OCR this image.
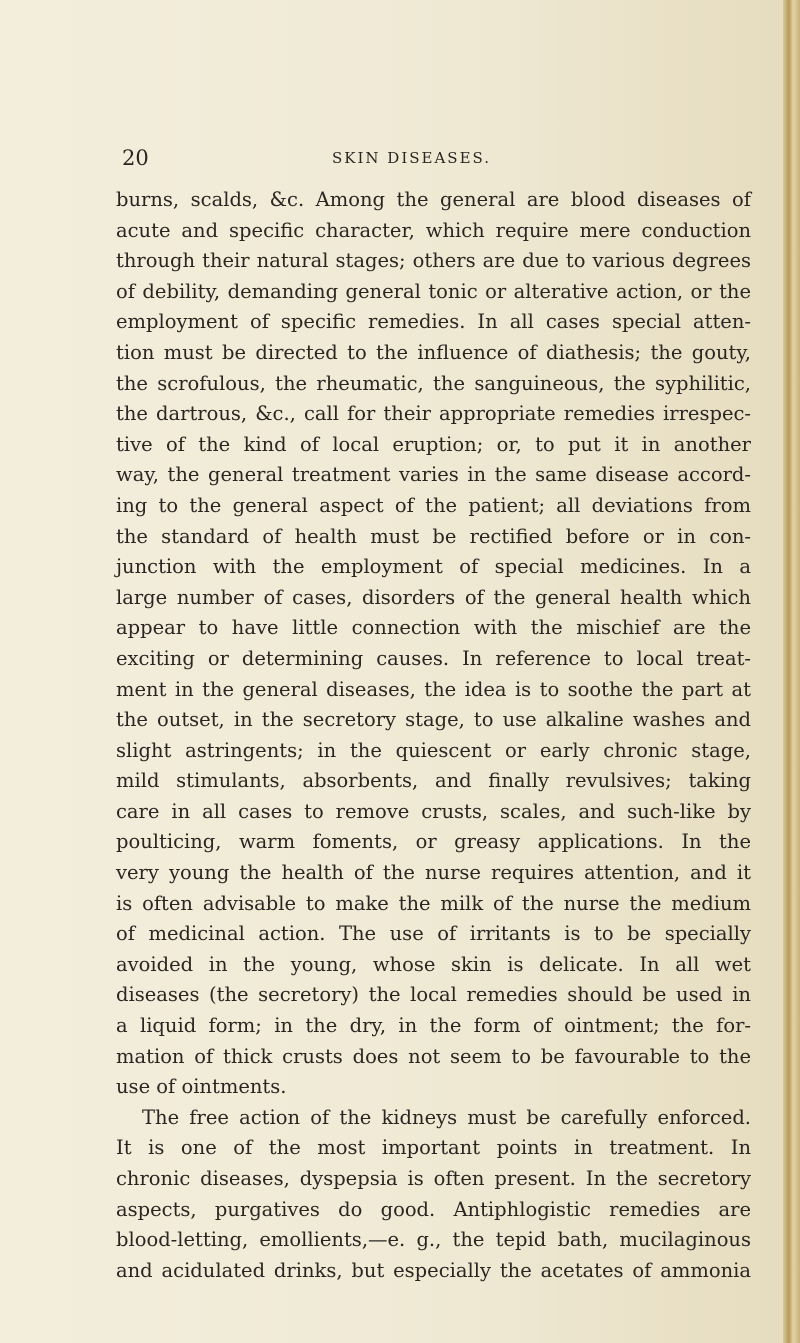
20	SKIN DISEASES.
burns, scalds, &c. Among the general are blood diseases of
acute and specific character, which require mere conduction
through their natural stages; others are due to various degrees
of debility, demanding general tonic or alterative action, or the
employment of specific remedies. In all cases special atten-
tion must be directed to the influence of diathesis; the gouty,
the scrofulous, the rheumatic, the sanguineous, the syphilitic,
the dartrous, &c., call for their appropriate remedies irrespec-
tive of the kind of local eruption; or, to put it in another
way, the general treatment varies in the same disease accord-
ing to the general aspect of the patient; all deviations from
the standard of health must be rectified before or in con-
junction with the employment of special medicines. In a
large number of cases, disorders of the general health which
appear to have little connection with the mischief are the
exciting or determining causes. In reference to local treat-
ment in the general diseases, the idea is to soothe the part at
the outset, in the secretory stage, to use alkaline washes and
slight astringents; in the quiescent or early chronic stage,
mild stimulants, absorbents, and finally revulsives; taking
care in all cases to remove crusts, scales, and such-like by
poulticing, warm foments, or greasy applications. In the
very young the health of the nurse requires attention, and it
is often advisable to make the milk of the nurse the medium
of medicinal action. The use of irritants is to be specially
avoided in the young, whose skin is delicate. In all wet
diseases (the secretory) the local remedies should be used in
a liquid form; in the dry, in the form of ointment; the for-
mation of thick crusts does not seem to be favourable to the
use of ointments.
The free action of the kidneys must be carefully enforced.
It is one of the most important points in treatment. In
chronic diseases, dyspepsia is often present. In the secretory
aspects, purgatives do good. Antiphlogistic remedies are
blood-letting, emollients,—e. g., the tepid bath, mucilaginous
and acidulated drinks, but especially the acetates of ammonia
